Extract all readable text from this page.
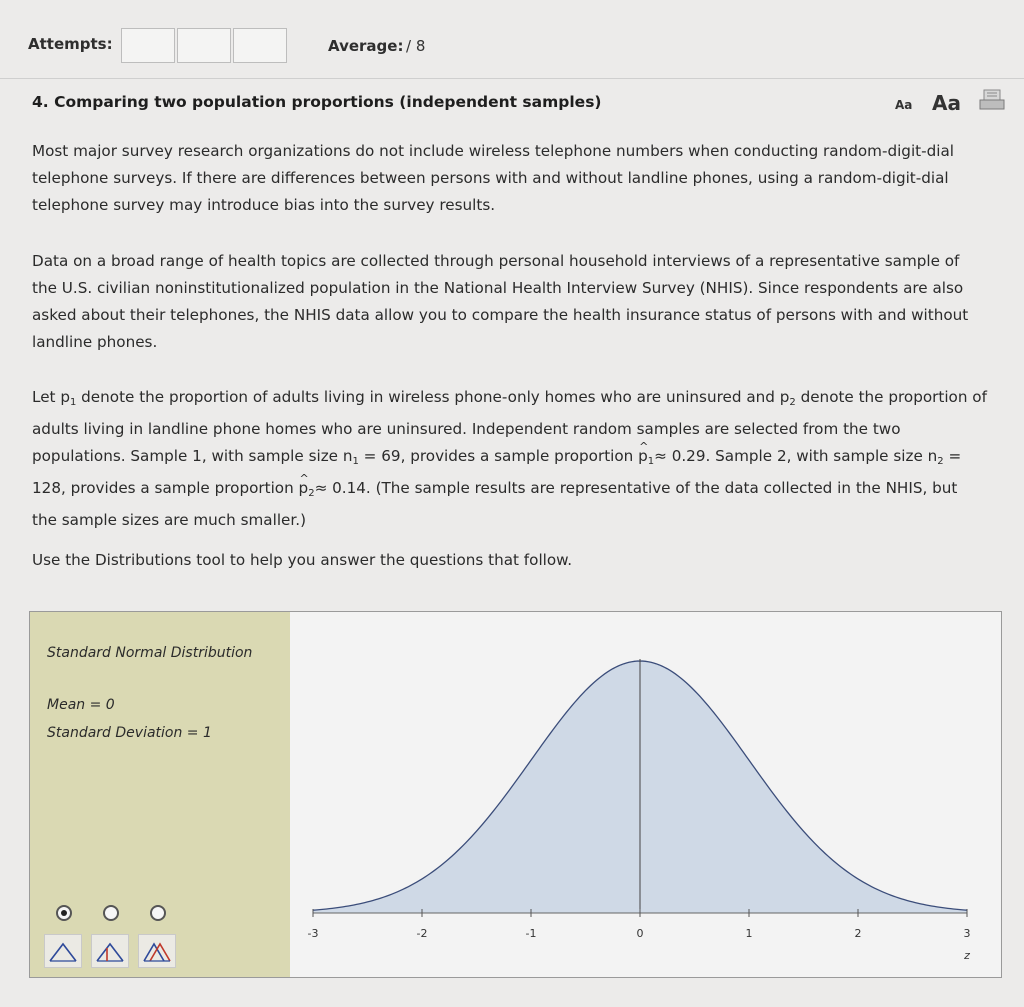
Attempts:	Average: / 8
4. Comparing two population proportions (independent samples)	Aa Aa
Most major survey research organizations do not include wireless telephone numbers when conducting random-digit-dial telephone surveys. If there are differences between persons with and without landline phones, using a random-digit-dial telephone survey may introduce bias into the survey results.
Data on a broad range of health topics are collected through personal household interviews of a representative sample of the U.S. civilian noninstitutionalized population in the National Health Interview Survey (NHIS). Since respondents are also asked about their telephones, the NHIS data allow you to compare the health insurance status of persons with and without landline phones.
Let $p_1$ denote the proportion of adults living in wireless phone-only homes who are uninsured and $p_2$ denote the proportion of adults living in landline phone homes who are uninsured. Independent random samples are selected from the two populations. Sample 1, with sample size $n_1 = 69$, provides a sample proportion ^ $p_1\approx 0.29$. Sample 2, with sample size $n_2 = 128$, provides a sample proportion ^ $p_2\approx 0.14$. (The sample results are representative of the data collected in the NHIS, but the sample sizes are much smaller.)
Use the Distributions tool to help you answer the questions that follow.
Standard Normal Distribution
Mean = 0
Standard Deviation = 1
-3	-2	-1	0	1	2	3
z
